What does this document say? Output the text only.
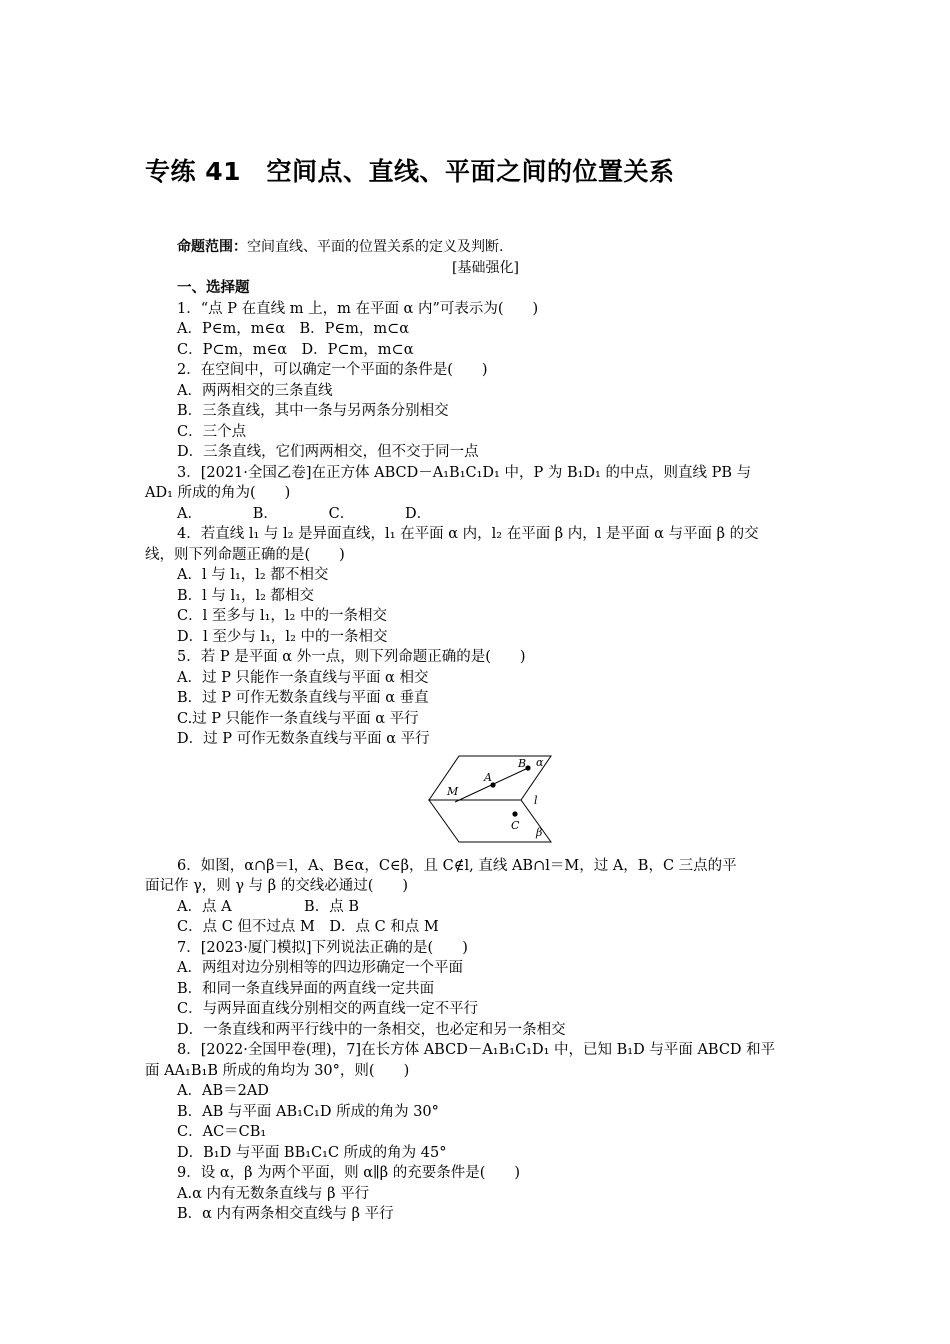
专练 41　空间点、直线、平面之间的位置关系
命题范围：空间直线、平面的位置关系的定义及判断.
[基础强化]
一、选择题
1．“点 P 在直线 m 上，m 在平面 α 内”可表示为(　　)
A．P∈m，m∈α　B．P∈m，m⊂α
C．P⊂m，m∈α　D．P⊂m，m⊂α
2．在空间中，可以确定一个平面的条件是(　　)
A．两两相交的三条直线
B．三条直线，其中一条与另两条分别相交
C．三个点
D．三条直线，它们两两相交，但不交于同一点
3．[2021·全国乙卷]在正方体 ABCD－A₁B₁C₁D₁ 中，P 为 B₁D₁ 的中点，则直线 PB 与
AD₁ 所成的角为(　　)
A．　　　　B．　　　　C．　　　　D．
4．若直线 l₁ 与 l₂ 是异面直线，l₁ 在平面 α 内，l₂ 在平面 β 内，l 是平面 α 与平面 β 的交
线，则下列命题正确的是(　　)
A．l 与 l₁，l₂ 都不相交
B．l 与 l₁，l₂ 都相交
C．l 至多与 l₁，l₂ 中的一条相交
D．l 至少与 l₁，l₂ 中的一条相交
5．若 P 是平面 α 外一点，则下列命题正确的是(　　)
A．过 P 只能作一条直线与平面 α 相交
B．过 P 可作无数条直线与平面 α 垂直
C.过 P 只能作一条直线与平面 α 平行
D．过 P 可作无数条直线与平面 α 平行
α
β
l
M
A
B
C
6．如图，α∩β＝l，A、B∈α，C∈β，且 C∉l, 直线 AB∩l＝M，过 A，B，C 三点的平
面记作 γ，则 γ 与 β 的交线必通过(　　)
A．点 A　　　　　B．点 B
C．点 C 但不过点 M　D．点 C 和点 M
7．[2023·厦门模拟]下列说法正确的是(　　)
A．两组对边分别相等的四边形确定一个平面
B．和同一条直线异面的两直线一定共面
C．与两异面直线分别相交的两直线一定不平行
D．一条直线和两平行线中的一条相交，也必定和另一条相交
8．[2022·全国甲卷(理)，7]在长方体 ABCD－A₁B₁C₁D₁ 中，已知 B₁D 与平面 ABCD 和平
面 AA₁B₁B 所成的角均为 30°，则(　　)
A．AB＝2AD
B．AB 与平面 AB₁C₁D 所成的角为 30°
C．AC＝CB₁
D．B₁D 与平面 BB₁C₁C 所成的角为 45°
9．设 α，β 为两个平面，则 α∥β 的充要条件是(　　)
A.α 内有无数条直线与 β 平行
B．α 内有两条相交直线与 β 平行
